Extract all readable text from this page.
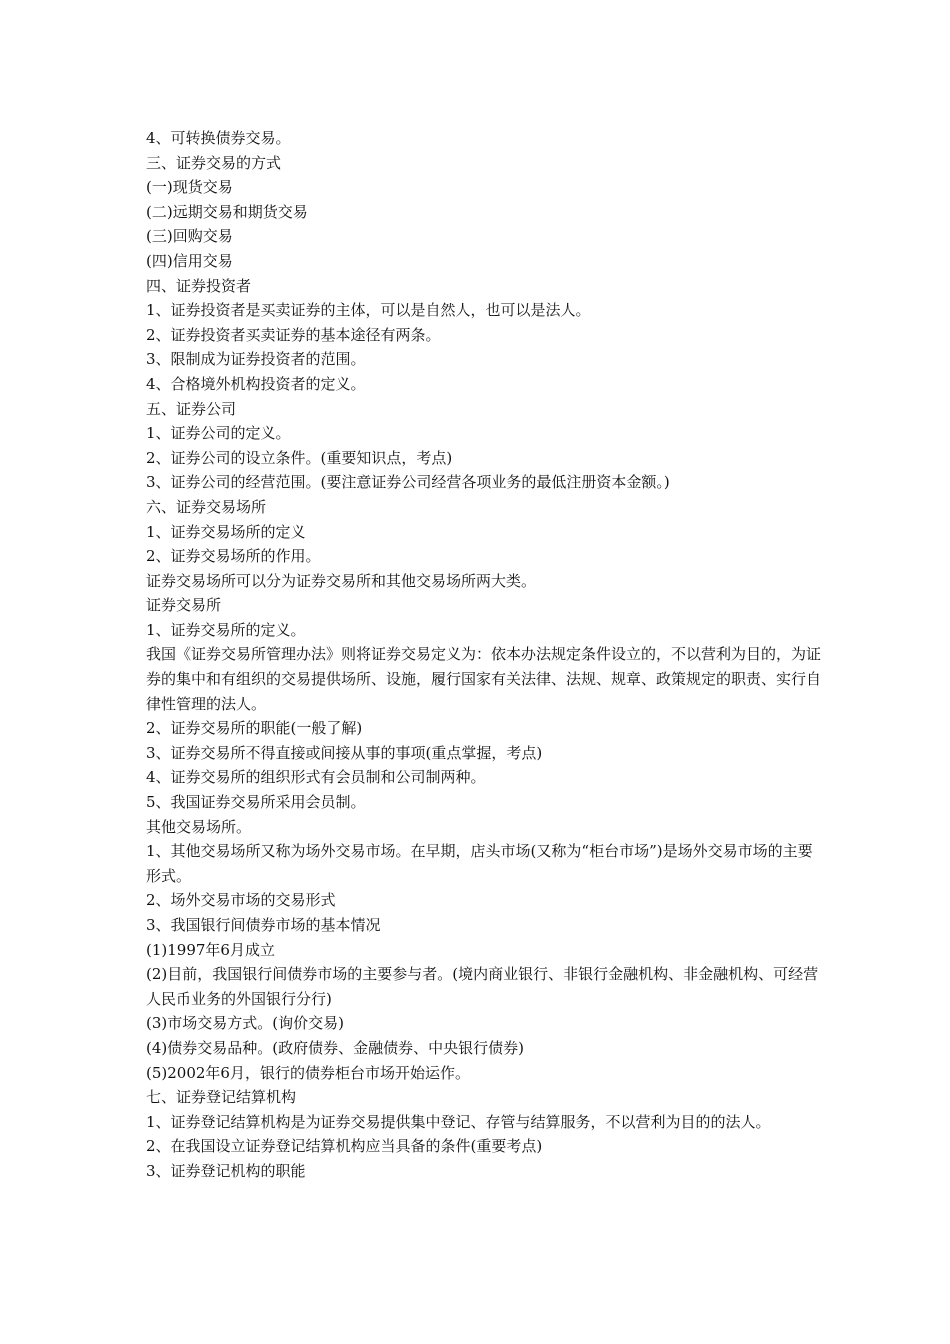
4、可转换债券交易。

三、证券交易的方式

(一)现货交易

(二)远期交易和期货交易

(三)回购交易

(四)信用交易

四、证券投资者

1、证券投资者是买卖证券的主体，可以是自然人，也可以是法人。

2、证券投资者买卖证券的基本途径有两条。

3、限制成为证券投资者的范围。

4、合格境外机构投资者的定义。

五、证券公司

1、证券公司的定义。

2、证券公司的设立条件。(重要知识点，考点)

3、证券公司的经营范围。(要注意证券公司经营各项业务的最低注册资本金额。)

六、证券交易场所

1、证券交易场所的定义

2、证券交易场所的作用。

证券交易场所可以分为证券交易所和其他交易场所两大类。

证券交易所

1、证券交易所的定义。

我国《证券交易所管理办法》则将证券交易定义为：依本办法规定条件设立的，不以营利为目的，为证券的集中和有组织的交易提供场所、设施，履行国家有关法律、法规、规章、政策规定的职责、实行自律性管理的法人。

2、证券交易所的职能(一般了解)

3、证券交易所不得直接或间接从事的事项(重点掌握，考点)

4、证券交易所的组织形式有会员制和公司制两种。

5、我国证券交易所采用会员制。

其他交易场所。

1、其他交易场所又称为场外交易市场。在早期，店头市场(又称为“柜台市场”)是场外交易市场的主要形式。

2、场外交易市场的交易形式

3、我国银行间债券市场的基本情况

(1)1997年6月成立

(2)目前，我国银行间债券市场的主要参与者。(境内商业银行、非银行金融机构、非金融机构、可经营人民币业务的外国银行分行)

(3)市场交易方式。(询价交易)

(4)债券交易品种。(政府债券、金融债券、中央银行债券)

(5)2002年6月，银行的债券柜台市场开始运作。

七、证券登记结算机构

1、证券登记结算机构是为证券交易提供集中登记、存管与结算服务，不以营利为目的的法人。

2、在我国设立证券登记结算机构应当具备的条件(重要考点)

3、证券登记机构的职能
